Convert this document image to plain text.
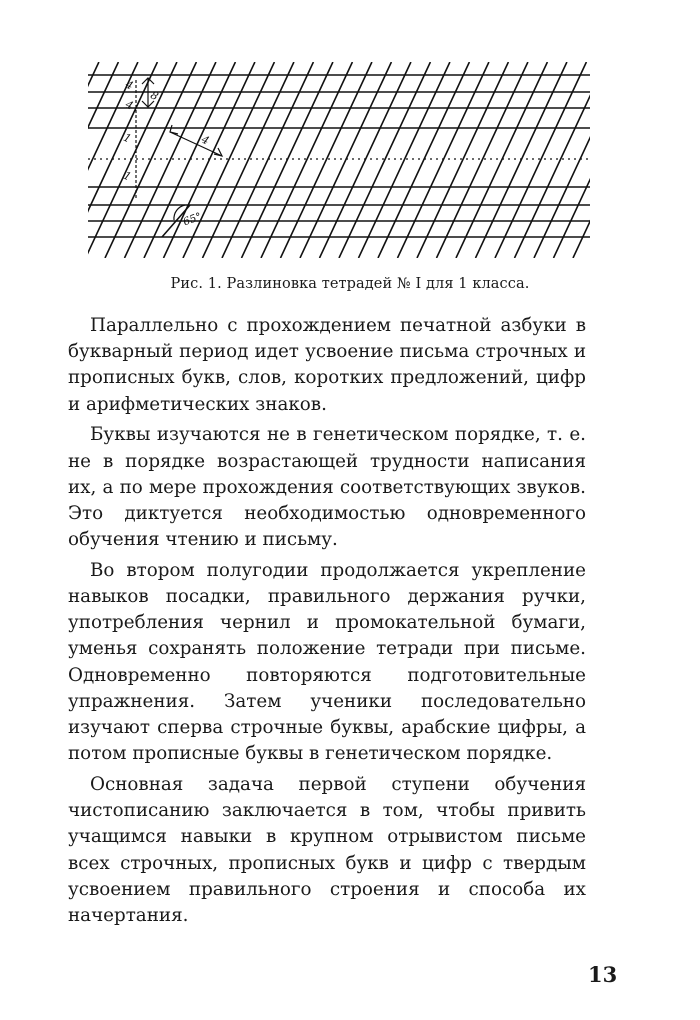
8
4
4
4
1
1
65°
Рис. 1. Разлиновка тетрадей № I для 1 класса.

Параллельно с прохождением печатной азбуки в букварный период идет усвоение письма строчных и прописных букв, слов, коротких предложений, цифр и арифметических знаков.

Буквы изучаются не в генетическом порядке, т. е. не в порядке возрастающей трудности написания их, а по мере прохождения соответствующих звуков. Это диктуется необходимостью одновременного обучения чтению и письму.

Во втором полугодии продолжается укрепление навыков посадки, правильного держания ручки, употребления чернил и промокательной бумаги, уменья сохранять положение тетради при письме. Одновременно повторяются подготовительные упражнения. Затем ученики последовательно изучают сперва строчные буквы, арабские цифры, а потом прописные буквы в генетическом порядке.

Основная задача первой ступени обучения чистописанию заключается в том, чтобы привить учащимся навыки в крупном отрывистом письме всех строчных, прописных букв и цифр с твердым усвоением правильного строения и способа их начертания.

13
